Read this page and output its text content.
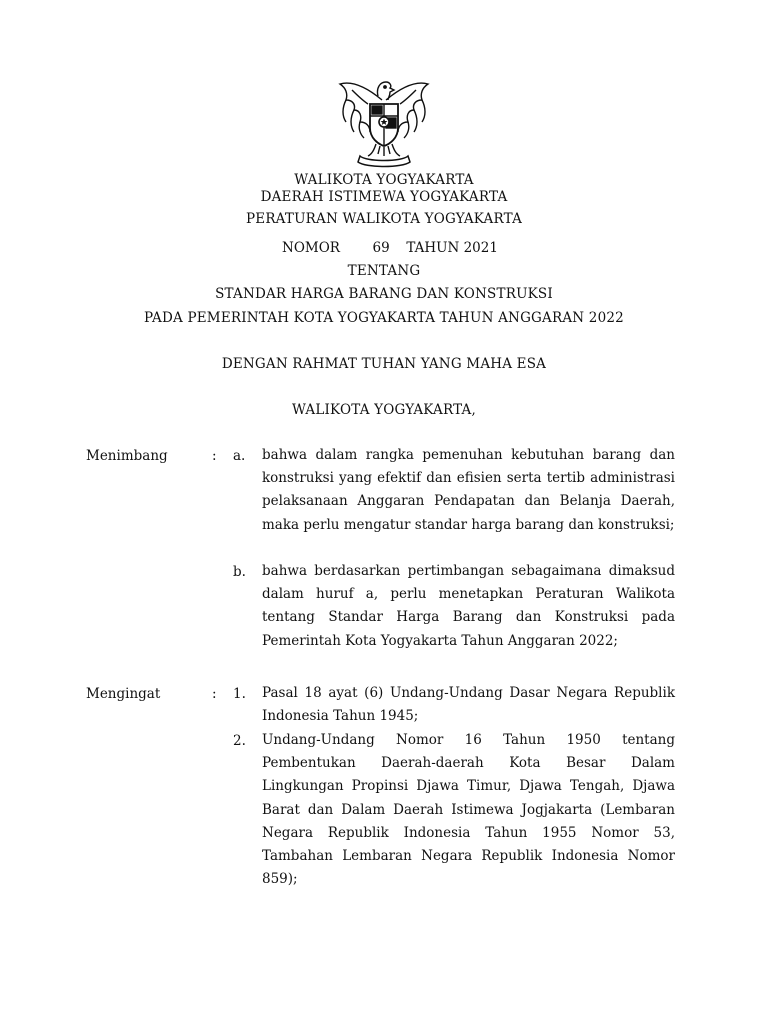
WALIKOTA YOGYAKARTA
DAERAH ISTIMEWA YOGYAKARTA
PERATURAN WALIKOTA YOGYAKARTA
NOMOR 69 TAHUN 2021
TENTANG
STANDAR HARGA BARANG DAN KONSTRUKSI
PADA PEMERINTAH KOTA YOGYAKARTA TAHUN ANGGARAN 2022
DENGAN RAHMAT TUHAN YANG MAHA ESA
WALIKOTA YOGYAKARTA,
Menimbang	: a. bahwa dalam rangka pemenuhan kebutuhan barang dan konstruksi yang efektif dan efisien serta tertib administrasi pelaksanaan Anggaran Pendapatan dan Belanja Daerah, maka perlu mengatur standar harga barang dan konstruksi;
b. bahwa berdasarkan pertimbangan sebagaimana dimaksud dalam huruf a, perlu menetapkan Peraturan Walikota tentang Standar Harga Barang dan Konstruksi pada Pemerintah Kota Yogyakarta Tahun Anggaran 2022;
Mengingat	: 1. Pasal 18 ayat (6) Undang-Undang Dasar Negara Republik Indonesia Tahun 1945;
2. Undang-Undang Nomor 16 Tahun 1950 tentang Pembentukan Daerah-daerah Kota Besar Dalam Lingkungan Propinsi Djawa Timur, Djawa Tengah, Djawa Barat dan Dalam Daerah Istimewa Jogjakarta (Lembaran Negara Republik Indonesia Tahun 1955 Nomor 53, Tambahan Lembaran Negara Republik Indonesia Nomor 859);
